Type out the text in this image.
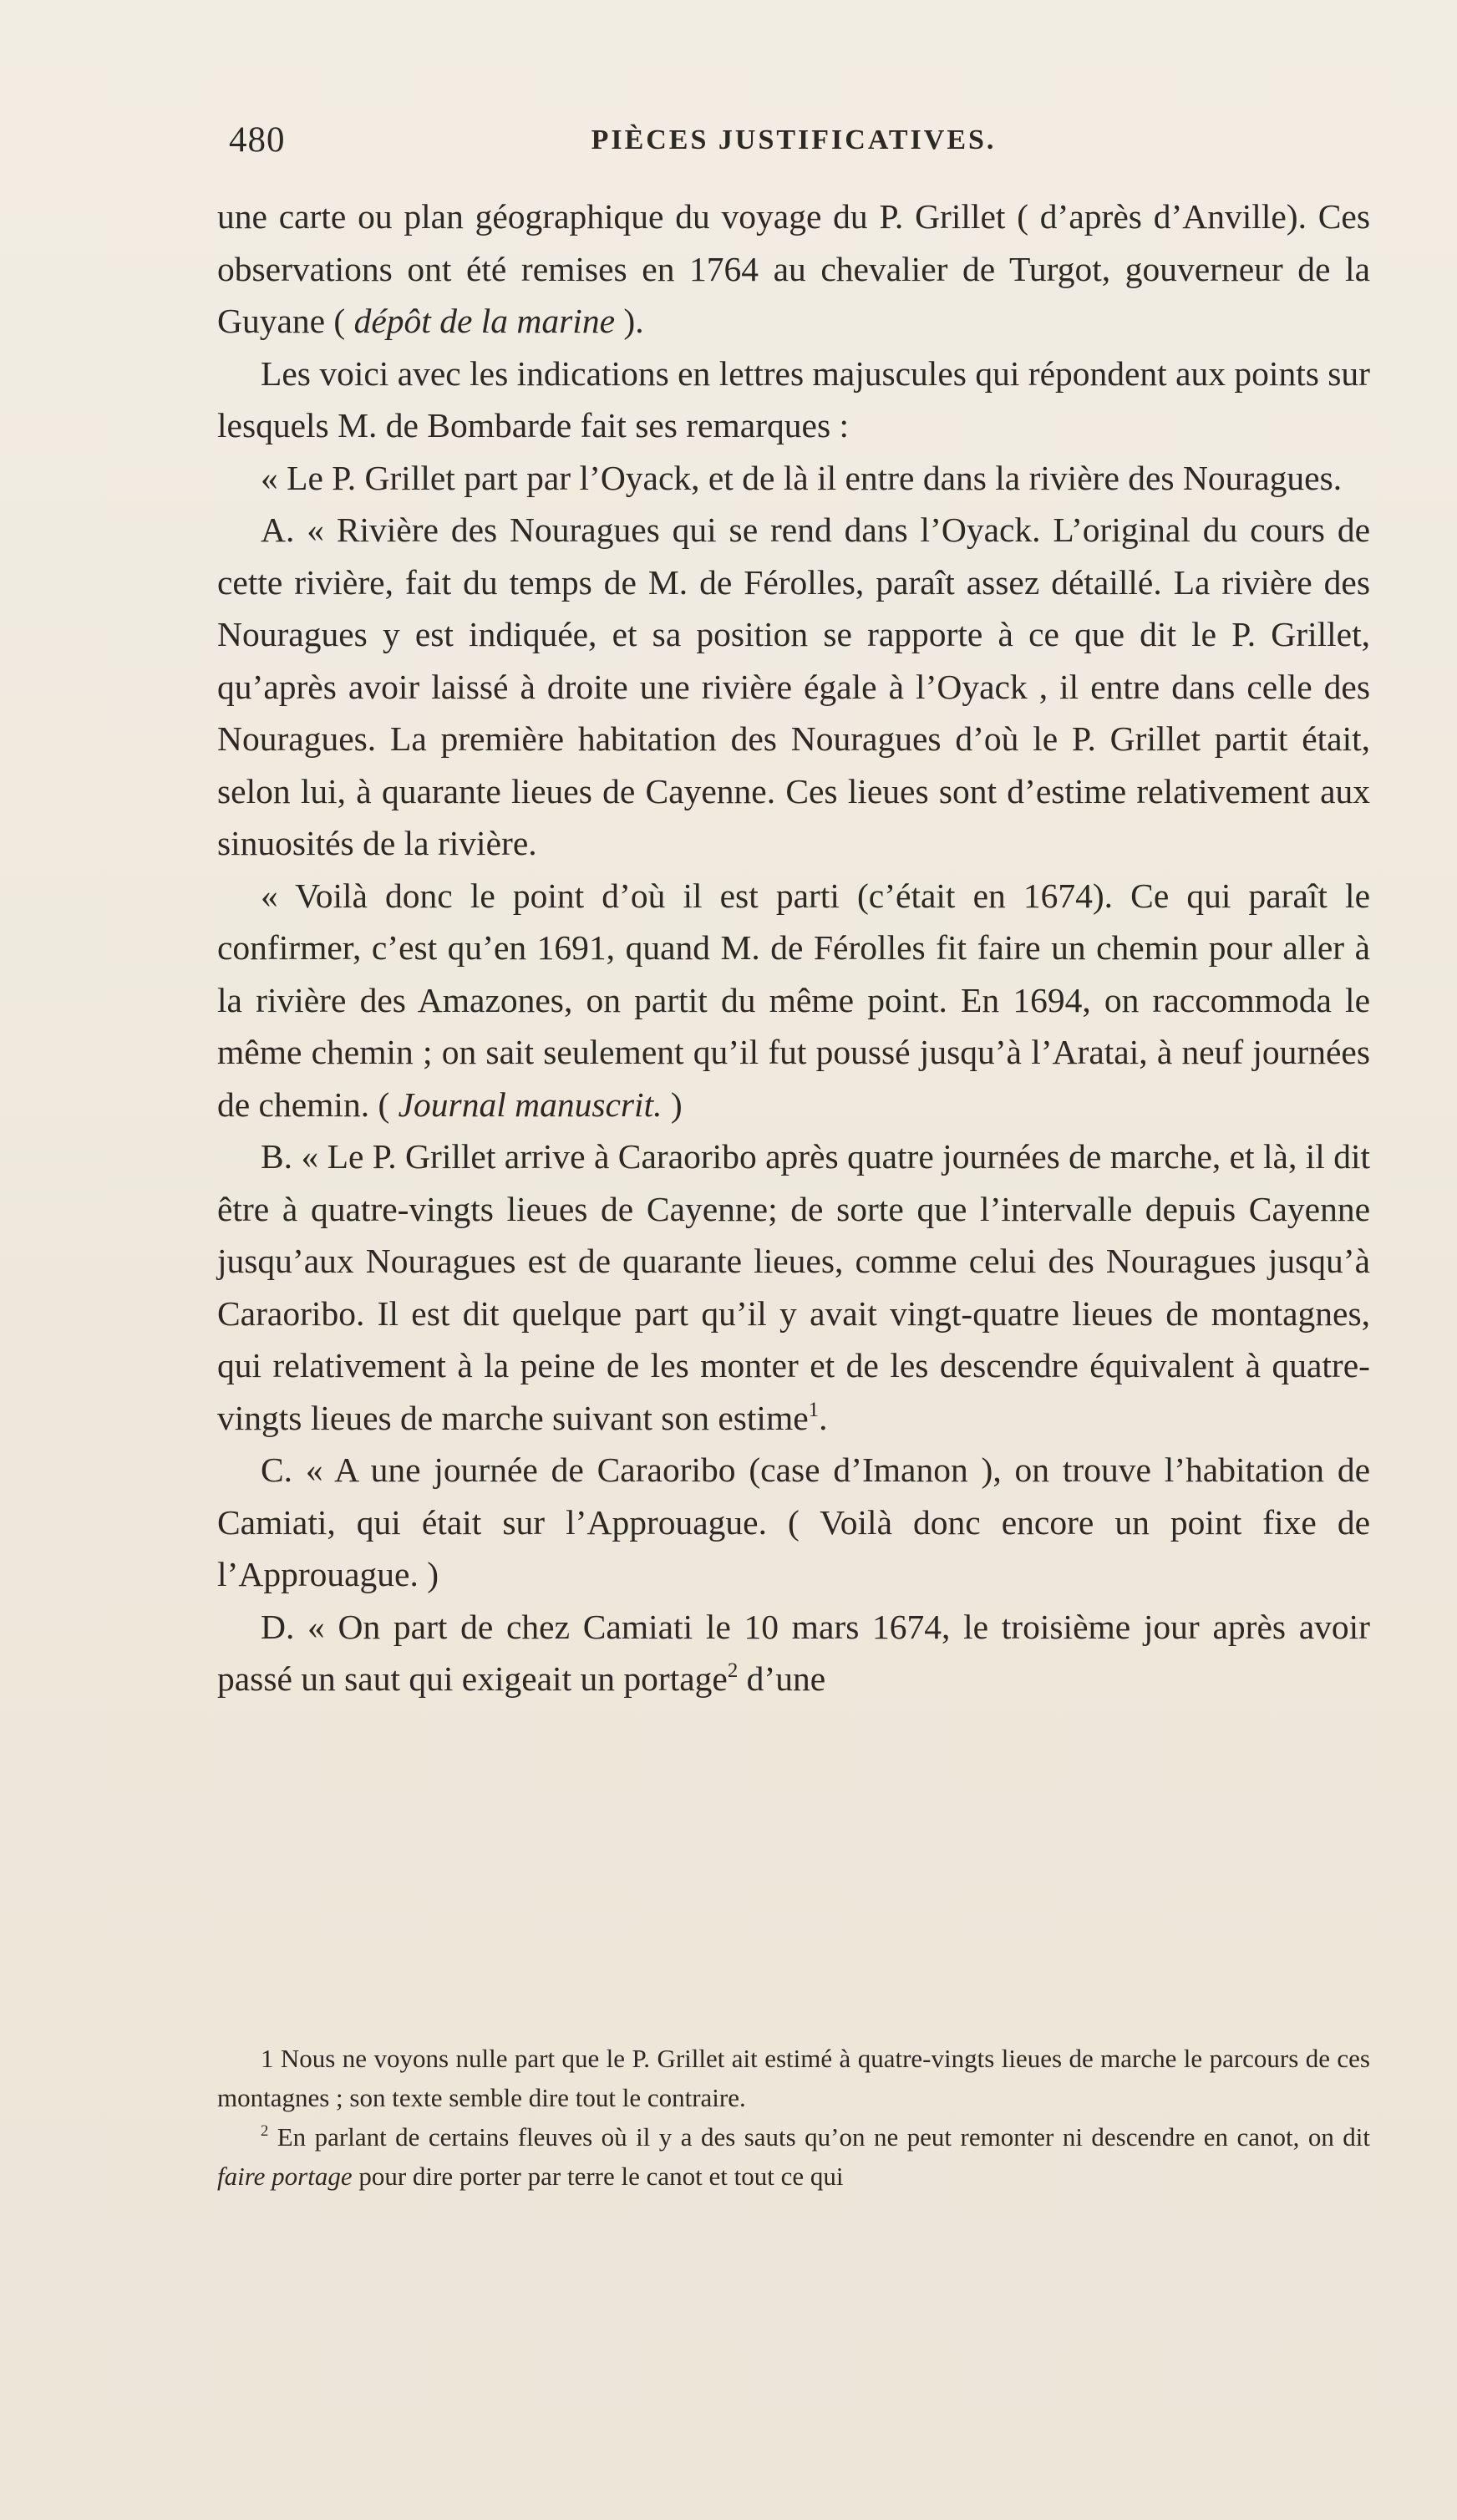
480	PIÈCES JUSTIFICATIVES.

une carte ou plan géographique du voyage du P. Grillet ( d’après d’Anville). Ces observations ont été remises en 1764 au chevalier de Turgot, gouverneur de la Guyane ( dépôt de la marine ).

Les voici avec les indications en lettres majuscules qui répondent aux points sur lesquels M. de Bombarde fait ses remarques :

« Le P. Grillet part par l’Oyack, et de là il entre dans la rivière des Nouragues.

A. « Rivière des Nouragues qui se rend dans l’Oyack. L’original du cours de cette rivière, fait du temps de M. de Férolles, paraît assez détaillé. La rivière des Nouragues y est indiquée, et sa position se rapporte à ce que dit le P. Grillet, qu’après avoir laissé à droite une rivière égale à l’Oyack , il entre dans celle des Nouragues. La première habitation des Nouragues d’où le P. Grillet partit était, selon lui, à quarante lieues de Cayenne. Ces lieues sont d’estime relativement aux sinuosités de la rivière.

« Voilà donc le point d’où il est parti (c’était en 1674). Ce qui paraît le confirmer, c’est qu’en 1691, quand M. de Férolles fit faire un chemin pour aller à la rivière des Amazones, on partit du même point. En 1694, on raccommoda le même chemin ; on sait seulement qu’il fut poussé jusqu’à l’Aratai, à neuf journées de chemin. ( Journal manuscrit. )

B. « Le P. Grillet arrive à Caraoribo après quatre journées de marche, et là, il dit être à quatre-vingts lieues de Cayenne; de sorte que l’intervalle depuis Cayenne jusqu’aux Nouragues est de quarante lieues, comme celui des Nouragues jusqu’à Caraoribo. Il est dit quelque part qu’il y avait vingt-quatre lieues de montagnes, qui relativement à la peine de les monter et de les descendre équivalent à quatre-vingts lieues de marche suivant son estime$^1$.

C. « A une journée de Caraoribo (case d’Imanon ), on trouve l’habitation de Camiati, qui était sur l’Approuague. ( Voilà donc encore un point fixe de l’Approuague. )

D. « On part de chez Camiati le 10 mars 1674, le troisième jour après avoir passé un saut qui exigeait un portage$^2$ d’une

1 Nous ne voyons nulle part que le P. Grillet ait estimé à quatre-vingts lieues de marche le parcours de ces montagnes ; son texte semble dire tout le contraire.

$^2$ En parlant de certains fleuves où il y a des sauts qu’on ne peut remonter ni descendre en canot, on dit faire portage pour dire porter par terre le canot et tout ce qui
